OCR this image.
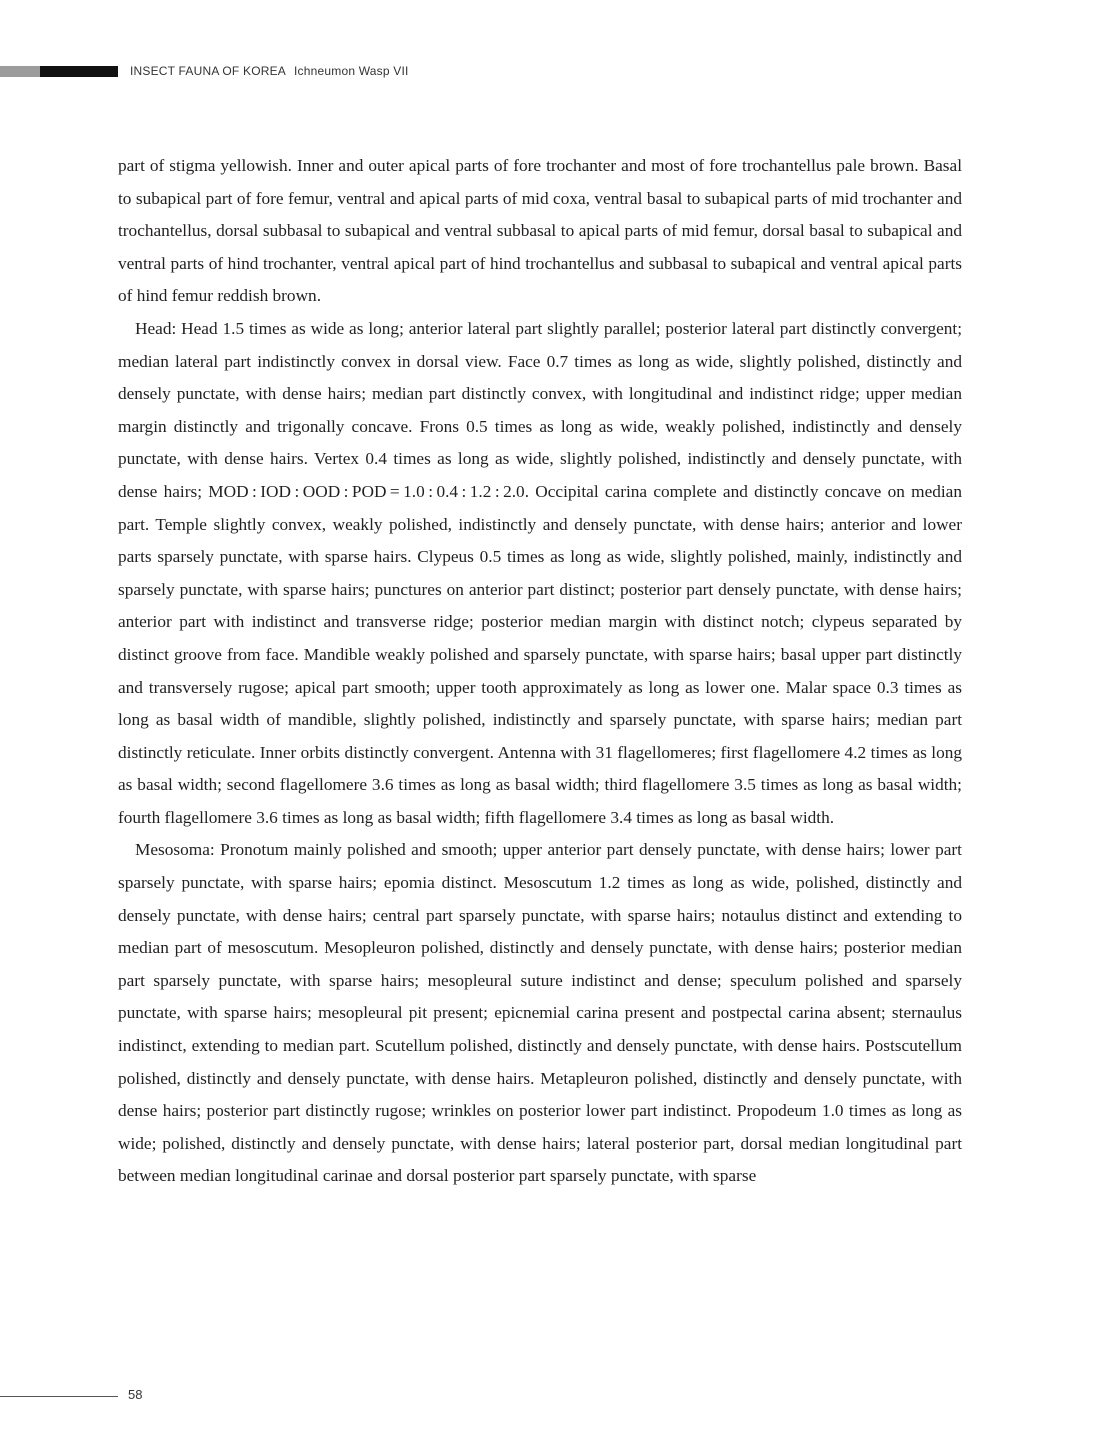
INSECT FAUNA OF KOREA Ichneumon Wasp VII

part of stigma yellowish. Inner and outer apical parts of fore trochanter and most of fore trochantellus pale brown. Basal to subapical part of fore femur, ventral and apical parts of mid coxa, ventral basal to subapical parts of mid trochanter and trochantellus, dorsal subbasal to subapical and ventral subbasal to apical parts of mid femur, dorsal basal to subapical and ventral parts of hind trochanter, ventral apical part of hind trochantellus and subbasal to subapical and ventral apical parts of hind femur reddish brown.

Head: Head 1.5 times as wide as long; anterior lateral part slightly parallel; posterior lateral part distinctly convergent; median lateral part indistinctly convex in dorsal view. Face 0.7 times as long as wide, slightly polished, distinctly and densely punctate, with dense hairs; median part distinctly convex, with longitudinal and indistinct ridge; upper median margin distinctly and trigonally concave. Frons 0.5 times as long as wide, weakly polished, indistinctly and densely punctate, with dense hairs. Vertex 0.4 times as long as wide, slightly polished, indistinctly and densely punctate, with dense hairs; MOD : IOD : OOD : POD = 1.0 : 0.4 : 1.2 : 2.0. Occipital carina complete and distinctly concave on median part. Temple slightly convex, weakly polished, indistinctly and densely punctate, with dense hairs; anterior and lower parts sparsely punctate, with sparse hairs. Clypeus 0.5 times as long as wide, slightly polished, mainly, indistinctly and sparsely punctate, with sparse hairs; punctures on anterior part distinct; posterior part densely punctate, with dense hairs; anterior part with indistinct and transverse ridge; posterior median margin with distinct notch; clypeus separated by distinct groove from face. Mandible weakly polished and sparsely punctate, with sparse hairs; basal upper part distinctly and transversely rugose; apical part smooth; upper tooth approximately as long as lower one. Malar space 0.3 times as long as basal width of mandible, slightly polished, indistinctly and sparsely punctate, with sparse hairs; median part distinctly reticulate. Inner orbits distinctly convergent. Antenna with 31 flagellomeres; first flagellomere 4.2 times as long as basal width; second flagellomere 3.6 times as long as basal width; third flagellomere 3.5 times as long as basal width; fourth flagellomere 3.6 times as long as basal width; fifth flagellomere 3.4 times as long as basal width.

Mesosoma: Pronotum mainly polished and smooth; upper anterior part densely punctate, with dense hairs; lower part sparsely punctate, with sparse hairs; epomia distinct. Mesoscutum 1.2 times as long as wide, polished, distinctly and densely punctate, with dense hairs; central part sparsely punctate, with sparse hairs; notaulus distinct and extending to median part of mesoscutum. Mesopleuron polished, distinctly and densely punctate, with dense hairs; posterior median part sparsely punctate, with sparse hairs; mesopleural suture indistinct and dense; speculum polished and sparsely punctate, with sparse hairs; mesopleural pit present; epicnemial carina present and postpectal carina absent; sternaulus indistinct, extending to median part. Scutellum polished, distinctly and densely punctate, with dense hairs. Postscutellum polished, distinctly and densely punctate, with dense hairs. Metapleuron polished, distinctly and densely punctate, with dense hairs; posterior part distinctly rugose; wrinkles on posterior lower part indistinct. Propodeum 1.0 times as long as wide; polished, distinctly and densely punctate, with dense hairs; lateral posterior part, dorsal median longitudinal part between median longitudinal carinae and dorsal posterior part sparsely punctate, with sparse

58
